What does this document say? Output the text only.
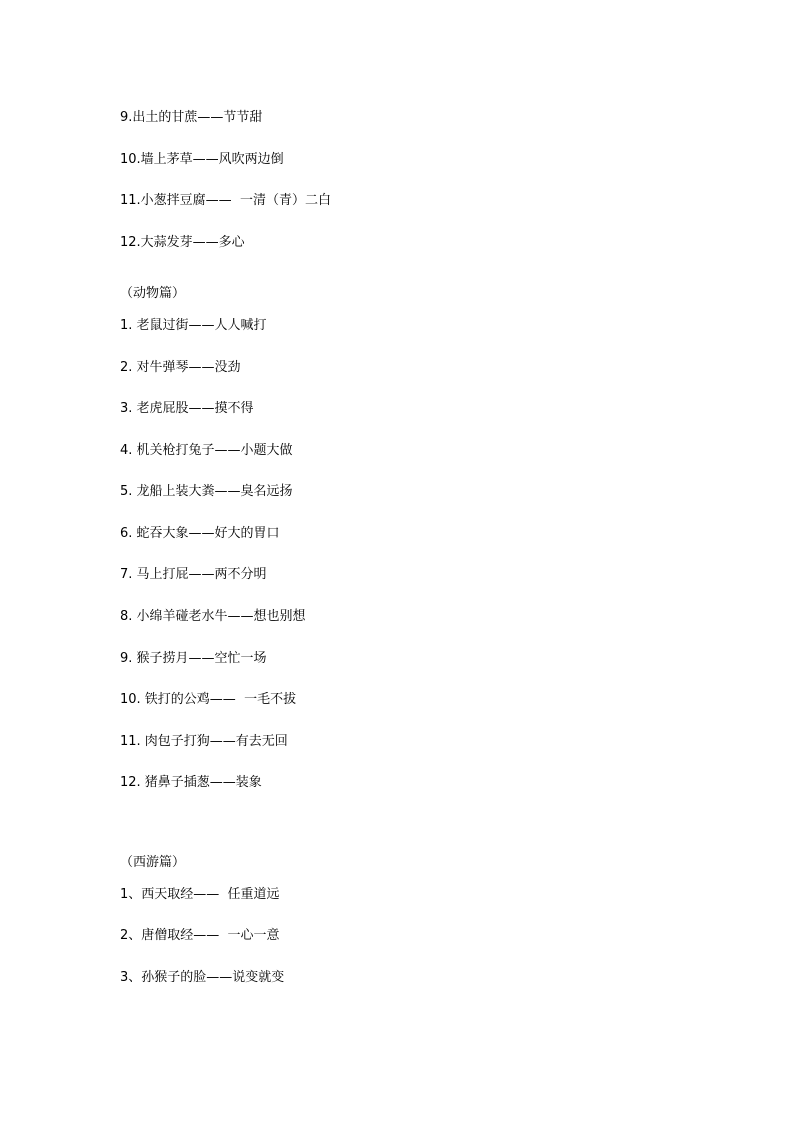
9.出土的甘蔗——节节甜
10.墙上茅草——风吹两边倒
11.小葱拌豆腐——  一清（青）二白
12.大蒜发芽——多心
（动物篇）
1. 老鼠过街——人人喊打
2. 对牛弹琴——没劲
3. 老虎屁股——摸不得
4. 机关枪打兔子——小题大做
5. 龙船上装大粪——臭名远扬
6. 蛇吞大象——好大的胃口
7. 马上打屁——两不分明
8. 小绵羊碰老水牛——想也别想
9. 猴子捞月——空忙一场
10. 铁打的公鸡——  一毛不拔
11. 肉包子打狗——有去无回
12. 猪鼻子插葱——装象
（西游篇）
1、西天取经——  任重道远
2、唐僧取经——  一心一意
3、孙猴子的脸——说变就变
